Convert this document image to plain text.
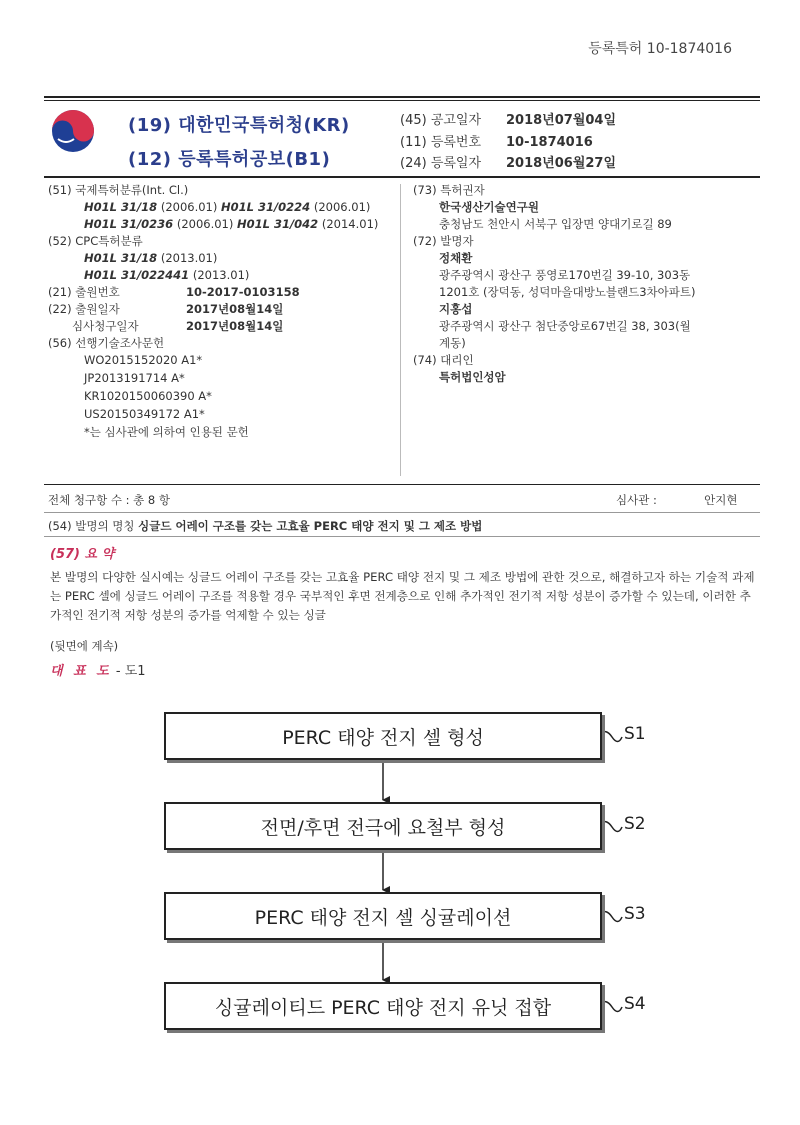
등록특허 10-1874016
(19) 대한민국특허청(KR)
(12) 등록특허공보(B1)
(45) 공고일자 2018년07월04일
(11) 등록번호 10-1874016
(24) 등록일자 2018년06월27일
(51) 국제특허분류(Int. Cl.)
H01L 31/18 (2006.01) H01L 31/0224 (2006.01)
H01L 31/0236 (2006.01) H01L 31/042 (2014.01)
(52) CPC특허분류
H01L 31/18 (2013.01)
H01L 31/022441 (2013.01)
(21) 출원번호	10-2017-0103158
(22) 출원일자	2017년08월14일
심사청구일자	2017년08월14일
(56) 선행기술조사문헌
WO2015152020 A1*
JP2013191714 A*
KR1020150060390 A*
US20150349172 A1*
*는 심사관에 의하여 인용된 문헌
(73) 특허권자
한국생산기술연구원
충청남도 천안시 서북구 입장면 양대기로길 89
(72) 발명자
정채환
광주광역시 광산구 풍영로170번길 39-10, 303동
1201호 (장덕동, 성덕마을대방노블랜드3차아파트)
지홍섭
광주광역시 광산구 첨단중앙로67번길 38, 303(월
계동)
(74) 대리인
특허법인성암
전체 청구항 수 : 총 8 항	심사관 :	안지현
(54) 발명의 명칭 싱글드 어레이 구조를 갖는 고효율 PERC 태양 전지 및 그 제조 방법
(57) 요 약
본 발명의 다양한 실시예는 싱글드 어레이 구조를 갖는 고효율 PERC 태양 전지 및 그 제조 방법에 관한 것으로, 해결하고자 하는 기술적 과제는 PERC 셀에 싱글드 어레이 구조를 적용할 경우 국부적인 후면 전계층으로 인해 추가적인 전기적 저항 성분이 증가할 수 있는데, 이러한 추가적인 전기적 저항 성분의 증가를 억제할 수 있는 싱글
(뒷면에 계속)
대 표 도 - 도1
PERC 태양 전지 셀 형성
전면/후면 전극에 요철부 형성
PERC 태양 전지 셀 싱귤레이션
싱귤레이티드 PERC 태양 전지 유닛 접합
S1
S2
S3
S4
